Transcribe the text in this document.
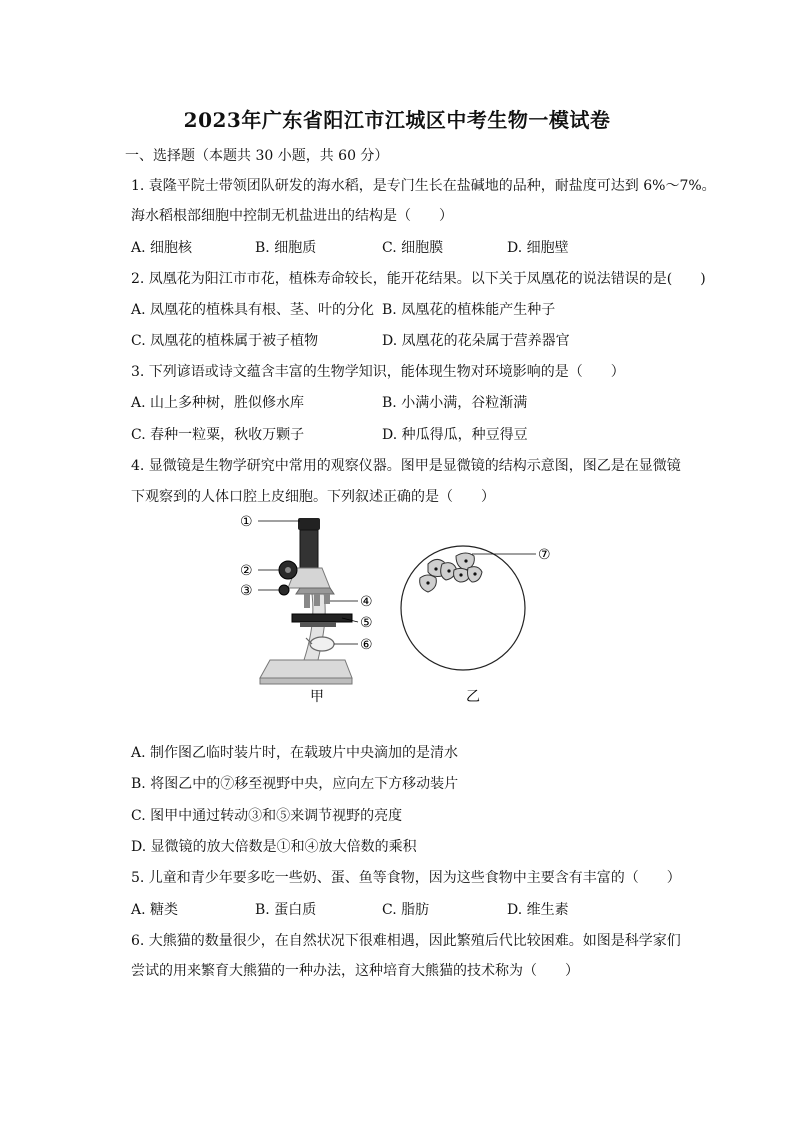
2023年广东省阳江市江城区中考生物一模试卷
一、选择题（本题共 30 小题，共 60 分）
1. 袁隆平院士带领团队研发的海水稻，是专门生长在盐碱地的品种，耐盐度可达到 6%～7%。
海水稻根部细胞中控制无机盐进出的结构是（　　）
A. 细胞核	B. 细胞质	C. 细胞膜	D. 细胞壁
2. 凤凰花为阳江市市花，植株寿命较长，能开花结果。以下关于凤凰花的说法错误的是(　　)
A. 凤凰花的植株具有根、茎、叶的分化 B. 凤凰花的植株能产生种子
C. 凤凰花的植株属于被子植物	D. 凤凰花的花朵属于营养器官
3. 下列谚语或诗文蕴含丰富的生物学知识，能体现生物对环境影响的是（　　）
A. 山上多种树，胜似修水库	B. 小满小满，谷粒渐满
C. 春种一粒粟，秋收万颗子	D. 种瓜得瓜，种豆得豆
4. 显微镜是生物学研究中常用的观察仪器。图甲是显微镜的结构示意图，图乙是在显微镜
下观察到的人体口腔上皮细胞。下列叙述正确的是（　　）
①
②
③
④
⑤
⑥
⑦
甲	乙
A. 制作图乙临时装片时，在载玻片中央滴加的是清水
B. 将图乙中的⑦移至视野中央，应向左下方移动装片
C. 图甲中通过转动③和⑤来调节视野的亮度
D. 显微镜的放大倍数是①和④放大倍数的乘积
5. 儿童和青少年要多吃一些奶、蛋、鱼等食物，因为这些食物中主要含有丰富的（　　）
A. 糖类	B. 蛋白质	C. 脂肪	D. 维生素
6. 大熊猫的数量很少，在自然状况下很难相遇，因此繁殖后代比较困难。如图是科学家们
尝试的用来繁育大熊猫的一种办法，这种培育大熊猫的技术称为（　　）
